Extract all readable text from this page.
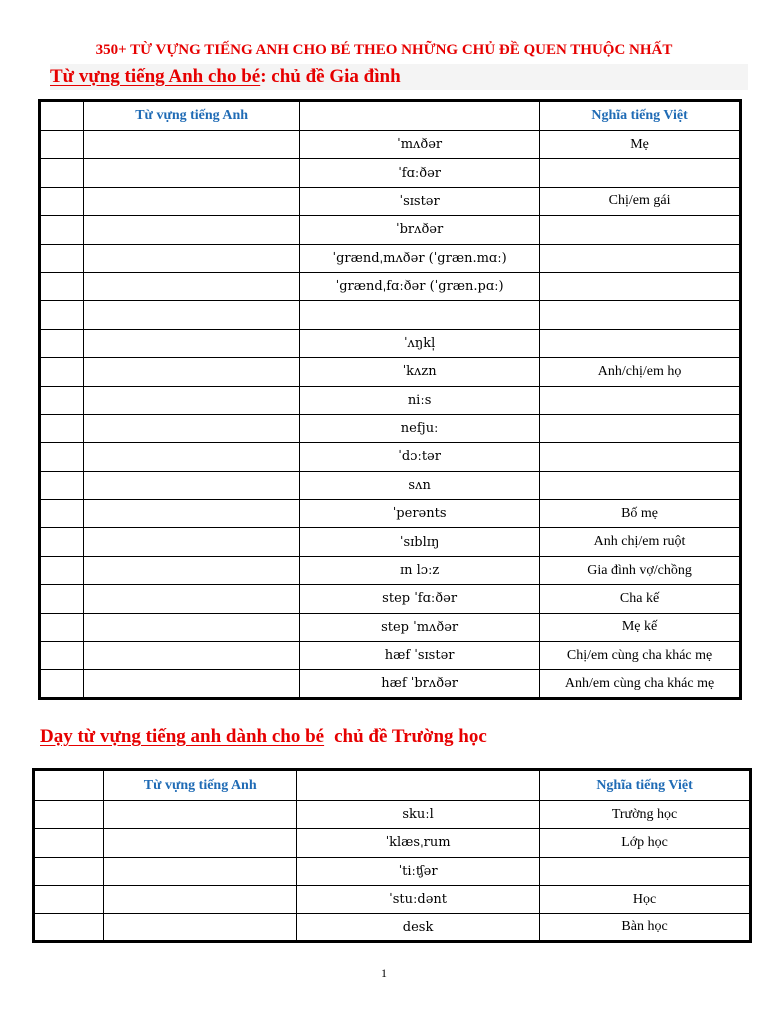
350+ TỪ VỰNG TIẾNG ANH CHO BÉ THEO NHỮNG CHỦ ĐỀ QUEN THUỘC NHẤT
Từ vựng tiếng Anh cho bé: chủ đề Gia đình
	Từ vựng tiếng Anh		Nghĩa tiếng Việt
		ˈmʌðər	Mẹ
		ˈfɑːðər	
		ˈsɪstər	Chị/em gái
		ˈbrʌðər	
		ˈgrændˌmʌðər (ˈgræn.mɑː)	
		ˈgrændˌfɑːðər (ˈgræn.pɑː)	

		ˈʌŋkl̩	
		ˈkʌzn	Anh/chị/em họ
		niːs	
		nefjuː	
		ˈdɔːtər	
		sʌn	
		ˈperənts	Bố mẹ
		ˈsɪblɪŋ	Anh chị/em ruột
		ɪn lɔːz	Gia đình vợ/chồng
		step ˈfɑːðər	Cha kế
		step ˈmʌðər	Mẹ kế
		hæf ˈsɪstər	Chị/em cùng cha khác mẹ
		hæf ˈbrʌðər	Anh/em cùng cha khác mẹ
Dạy từ vựng tiếng anh dành cho bé chủ đề Trường học
	Từ vựng tiếng Anh		Nghĩa tiếng Việt
		skuːl	Trường học
		ˈklæsˌrum	Lớp học
		ˈtiːʧər	
		ˈstuːdənt	Học
		desk	Bàn học
1
